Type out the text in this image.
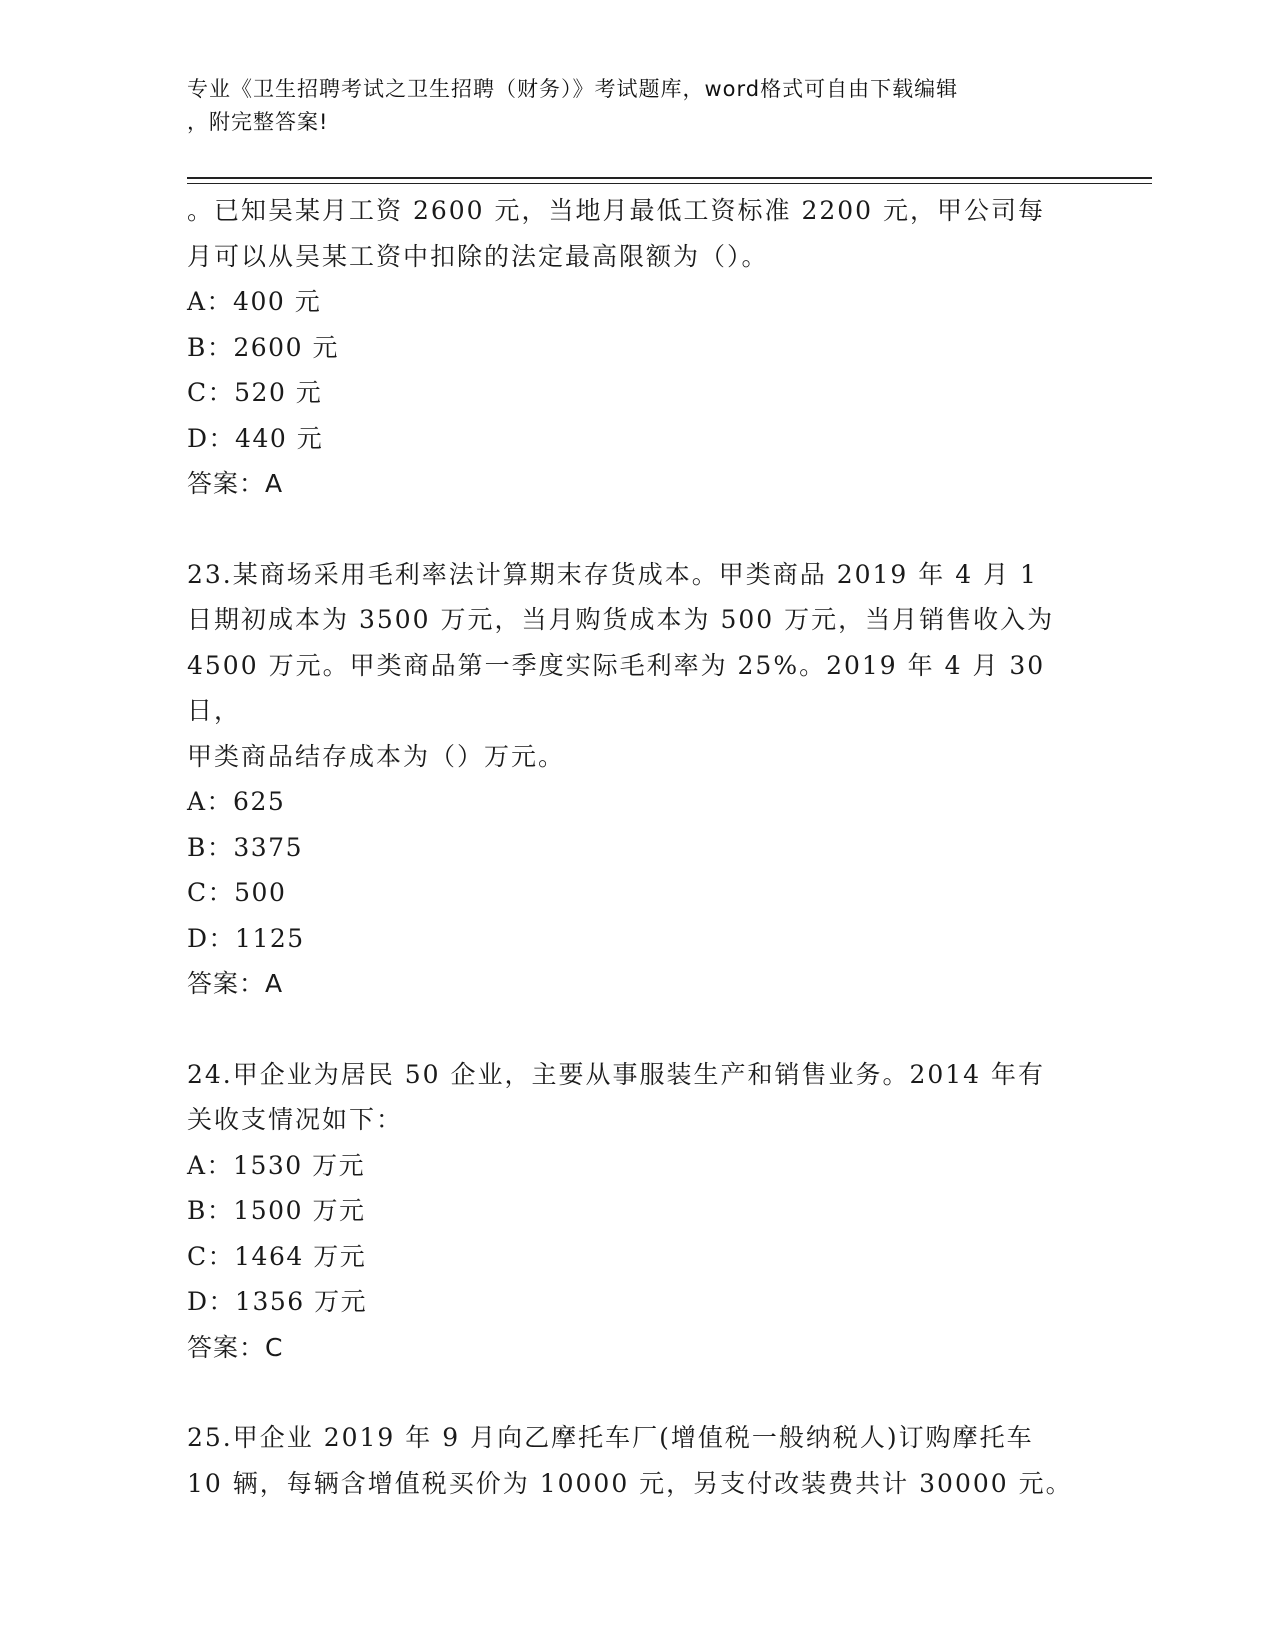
专业《卫生招聘考试之卫生招聘（财务）》考试题库，word格式可自由下载编辑
，附完整答案!

。已知吴某月工资 2600 元，当地月最低工资标准 2200 元，甲公司每

月可以从吴某工资中扣除的法定最高限额为（）。

A：400 元

B：2600 元

C：520 元

D：440 元

答案：A

23.某商场采用毛利率法计算期末存货成本。甲类商品 2019 年 4 月 1

日期初成本为 3500 万元，当月购货成本为 500 万元，当月销售收入为

4500 万元。甲类商品第一季度实际毛利率为 25%。2019 年 4 月 30 日，

甲类商品结存成本为（）万元。

A：625

B：3375

C：500

D：1125

答案：A

24.甲企业为居民 50 企业，主要从事服装生产和销售业务。2014 年有

关收支情况如下：

A：1530 万元

B：1500 万元

C：1464 万元

D：1356 万元

答案：C

25.甲企业 2019 年 9 月向乙摩托车厂(增值税一般纳税人)订购摩托车

10 辆，每辆含增值税买价为 10000 元，另支付改装费共计 30000 元。
